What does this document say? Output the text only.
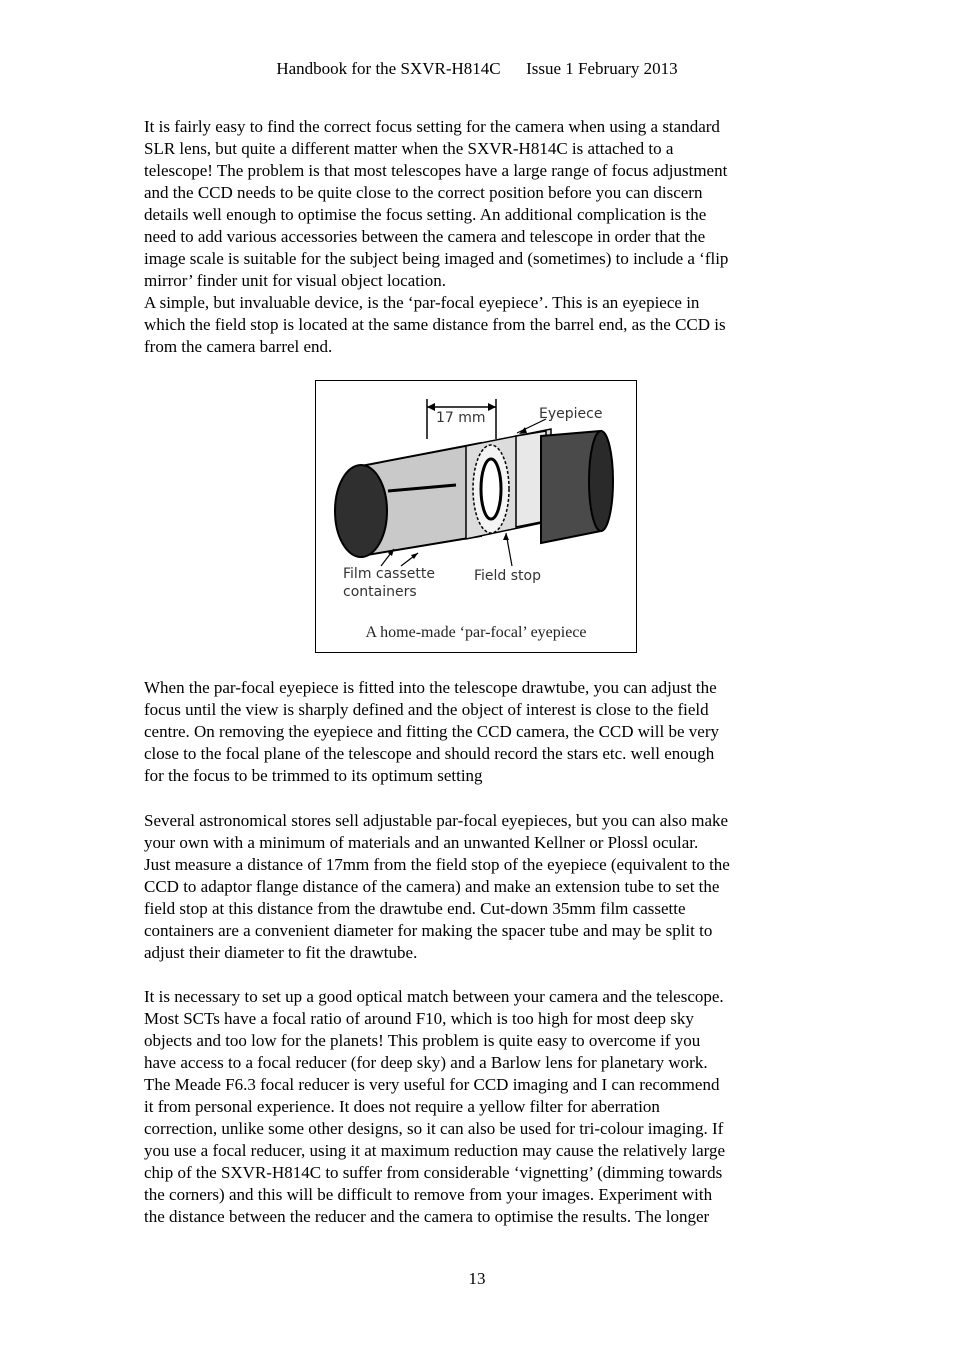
Handbook for the SXVR-H814C Issue 1 February 2013
It is fairly easy to find the correct focus setting for the camera when using a standard
SLR lens, but quite a different matter when the SXVR-H814C is attached to a
telescope! The problem is that most telescopes have a large range of focus adjustment
and the CCD needs to be quite close to the correct position before you can discern
details well enough to optimise the focus setting. An additional complication is the
need to add various accessories between the camera and telescope in order that the
image scale is suitable for the subject being imaged and (sometimes) to include a ‘flip
mirror’ finder unit for visual object location.
A simple, but invaluable device, is the ‘par-focal eyepiece’. This is an eyepiece in
which the field stop is located at the same distance from the barrel end, as the CCD is
from the camera barrel end.
17 mm	Eyepiece
Film cassette
containers
Field stop
A home-made ‘par-focal’ eyepiece
When the par-focal eyepiece is fitted into the telescope drawtube, you can adjust the
focus until the view is sharply defined and the object of interest is close to the field
centre. On removing the eyepiece and fitting the CCD camera, the CCD will be very
close to the focal plane of the telescope and should record the stars etc. well enough
for the focus to be trimmed to its optimum setting
Several astronomical stores sell adjustable par-focal eyepieces, but you can also make
your own with a minimum of materials and an unwanted Kellner or Plossl ocular.
Just measure a distance of 17mm from the field stop of the eyepiece (equivalent to the
CCD to adaptor flange distance of the camera) and make an extension tube to set the
field stop at this distance from the drawtube end. Cut-down 35mm film cassette
containers are a convenient diameter for making the spacer tube and may be split to
adjust their diameter to fit the drawtube.
It is necessary to set up a good optical match between your camera and the telescope.
Most SCTs have a focal ratio of around F10, which is too high for most deep sky
objects and too low for the planets! This problem is quite easy to overcome if you
have access to a focal reducer (for deep sky) and a Barlow lens for planetary work.
The Meade F6.3 focal reducer is very useful for CCD imaging and I can recommend
it from personal experience. It does not require a yellow filter for aberration
correction, unlike some other designs, so it can also be used for tri-colour imaging. If
you use a focal reducer, using it at maximum reduction may cause the relatively large
chip of the SXVR-H814C to suffer from considerable ‘vignetting’ (dimming towards
the corners) and this will be difficult to remove from your images. Experiment with
the distance between the reducer and the camera to optimise the results. The longer
13
